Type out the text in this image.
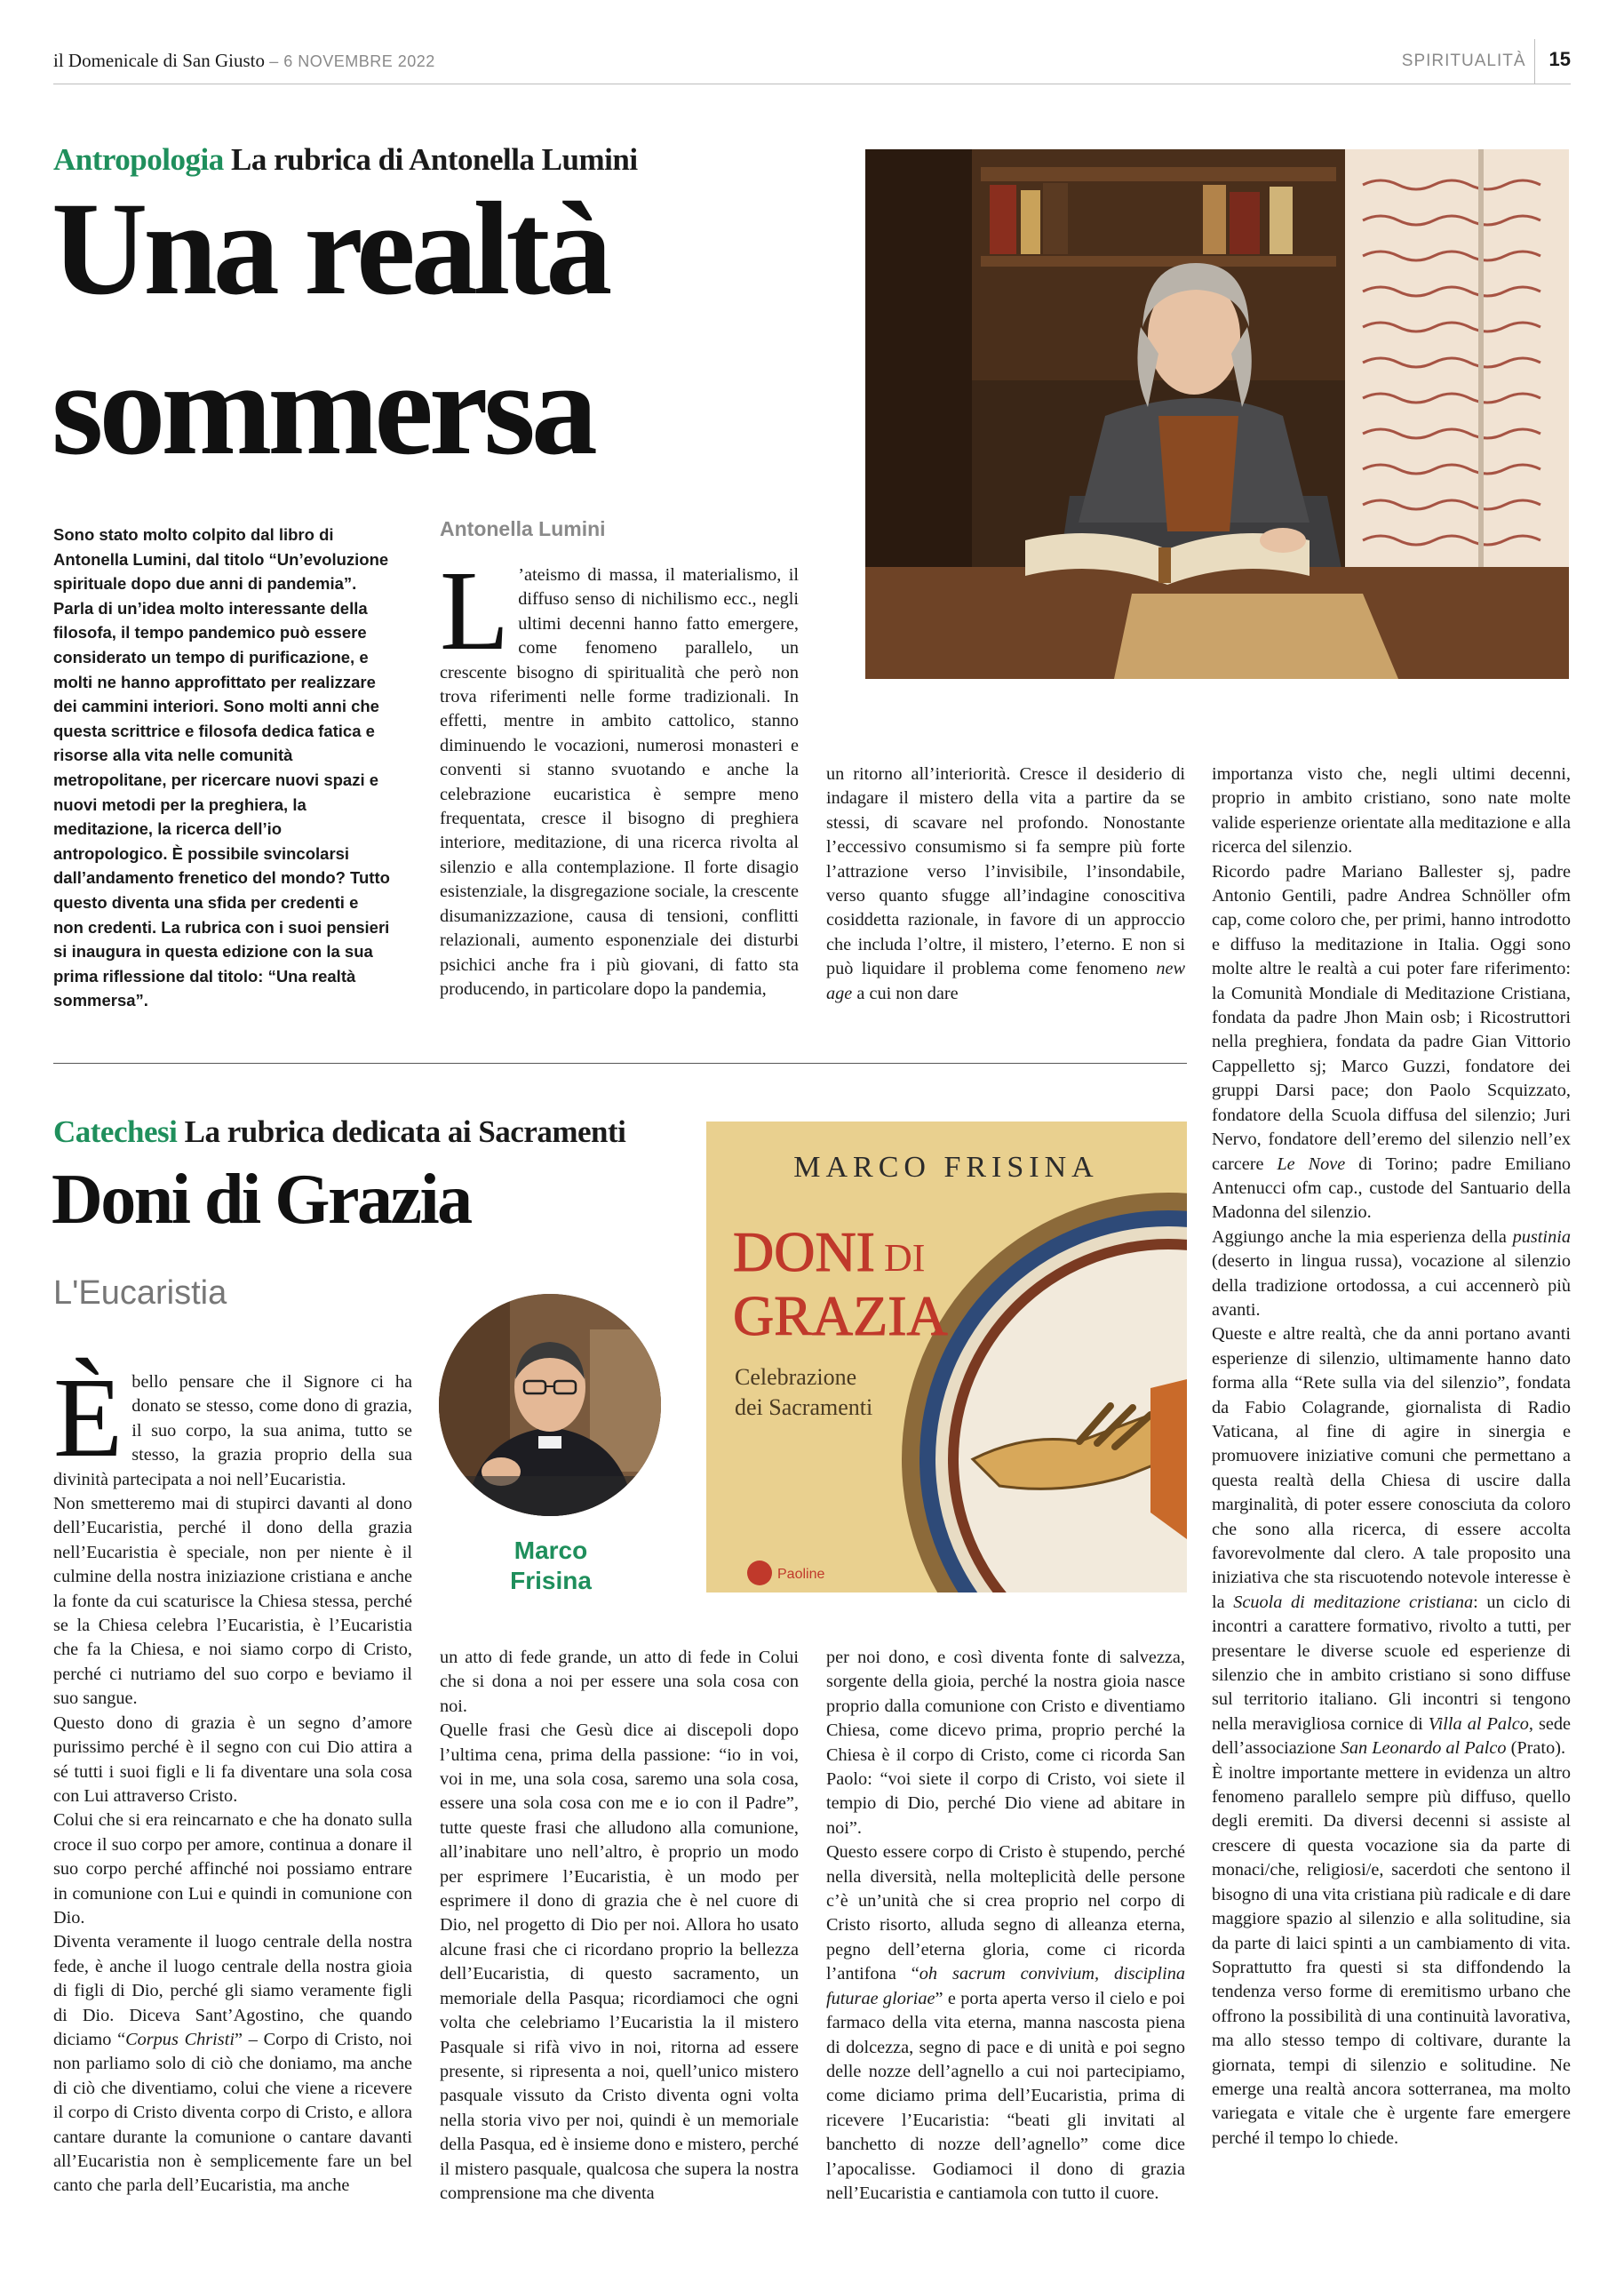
il Domenicale di San Giusto – 6 NOVEMBRE 2022	SPIRITUALITÀ 15
Antropologia La rubrica di Antonella Lumini
Una realtà
sommersa
Sono stato molto colpito dal libro di Antonella Lumini, dal titolo “Un’evoluzione spirituale dopo due anni di pandemia”. Parla di un’idea molto interessante della filosofa, il tempo pandemico può essere considerato un tempo di purificazione, e molti ne hanno approfittato per realizzare dei cammini interiori. Sono molti anni che questa scrittrice e filosofa dedica fatica e risorse alla vita nelle comunità metropolitane, per ricercare nuovi spazi e nuovi metodi per la preghiera, la meditazione, la ricerca dell’io antropologico. È possibile svincolarsi dall’andamento frenetico del mondo? Tutto questo diventa una sfida per credenti e non credenti. La rubrica con i suoi pensieri si inaugura in questa edizione con la sua prima riflessione dal titolo: “Una realtà sommersa”.
Antonella Lumini

L ’ateismo di massa, il materialismo, il diffuso senso di nichilismo ecc., negli ultimi decenni hanno fatto emergere, come fenomeno parallelo, un crescente bisogno di spiritualità che però non trova riferimenti nelle forme tradizionali. In effetti, mentre in ambito cattolico, stanno diminuendo le vocazioni, numerosi monasteri e conventi si stanno svuotando e anche la celebrazione eucaristica è sempre meno frequentata, cresce il bisogno di preghiera interiore, meditazione, di una ricerca rivolta al silenzio e alla contemplazione. Il forte disagio esistenziale, la disgregazione sociale, la crescente disumanizzazione, causa di tensioni, conflitti relazionali, aumento esponenziale dei disturbi psichici anche fra i più giovani, di fatto sta producendo, in particolare dopo la pandemia,

un ritorno all’interiorità. Cresce il desiderio di indagare il mistero della vita a partire da se stessi, di scavare nel profondo. Nonostante l’eccessivo consumismo si fa sempre più forte l’attrazione verso l’invisibile, l’insondabile, verso quanto sfugge all’indagine conoscitiva cosiddetta razionale, in favore di un approccio che includa l’oltre, il mistero, l’eterno. E non si può liquidare il problema come fenomeno new age a cui non dare

importanza visto che, negli ultimi decenni, proprio in ambito cristiano, sono nate molte valide esperienze orientate alla meditazione e alla ricerca del silenzio.

Ricordo padre Mariano Ballester sj, padre Antonio Gentili, padre Andrea Schnöller ofm cap, come coloro che, per primi, hanno introdotto e diffuso la meditazione in Italia. Oggi sono molte altre le realtà a cui poter fare riferimento: la Comunità Mondiale di Meditazione Cristiana, fondata da padre Jhon Main osb; i Ricostruttori nella preghiera, fondata da padre Gian Vittorio Cappelletto sj; Marco Guzzi, fondatore dei gruppi Darsi pace; don Paolo Scquizzato, fondatore della Scuola diffusa del silenzio; Juri Nervo, fondatore dell’eremo del silenzio nell’ex carcere Le Nove di Torino; padre Emiliano Antenucci ofm cap., custode del Santuario della Madonna del silenzio.

Aggiungo anche la mia esperienza della pustinia (deserto in lingua russa), vocazione al silenzio della tradizione ortodossa, a cui accennerò più avanti.

Queste e altre realtà, che da anni portano avanti esperienze di silenzio, ultimamente hanno dato forma alla “Rete sulla via del silenzio”, fondata da Fabio Colagrande, giornalista di Radio Vaticana, al fine di agire in sinergia e promuovere iniziative comuni che permettano a questa realtà della Chiesa di uscire dalla marginalità, di poter essere conosciuta da coloro che sono alla ricerca, di essere accolta favorevolmente dal clero. A tale proposito una iniziativa che sta riscuotendo notevole interesse è la Scuola di meditazione cristiana: un ciclo di incontri a carattere formativo, rivolto a tutti, per presentare le diverse scuole ed esperienze di silenzio che in ambito cristiano si sono diffuse sul territorio italiano. Gli incontri si tengono nella meravigliosa cornice di Villa al Palco, sede dell’associazione San Leonardo al Palco (Prato).

È inoltre importante mettere in evidenza un altro fenomeno parallelo sempre più diffuso, quello degli eremiti. Da diversi decenni si assiste al crescere di questa vocazione sia da parte di monaci/che, religiosi/e, sacerdoti che sentono il bisogno di una vita cristiana più radicale e di dare maggiore spazio al silenzio e alla solitudine, sia da parte di laici spinti a un cambiamento di vita. Soprattutto fra questi si sta diffondendo la tendenza verso forme di eremitismo urbano che offrono la possibilità di una continuità lavorativa, ma allo stesso tempo di coltivare, durante la giornata, tempi di silenzio e solitudine. Ne emerge una realtà ancora sotterranea, ma molto variegata e vitale che è urgente fare emergere perché il tempo lo chiede.

Catechesi La rubrica dedicata ai Sacramenti
Doni di Grazia
L'Eucaristia
Marco
Frisina
MARCO FRISINA
DONI DI
GRAZIA
Celebrazione
dei Sacramenti
Paoline

È bello pensare che il Signore ci ha donato se stesso, come dono di grazia, il suo corpo, la sua anima, tutto se stesso, la grazia proprio della sua divinità partecipata a noi nell’Eucaristia.

Non smetteremo mai di stupirci davanti al dono dell’Eucaristia, perché il dono della grazia nell’Eucaristia è speciale, non per niente è il culmine della nostra iniziazione cristiana e anche la fonte da cui scaturisce la Chiesa stessa, perché se la Chiesa celebra l’Eucaristia, è l’Eucaristia che fa la Chiesa, e noi siamo corpo di Cristo, perché ci nutriamo del suo corpo e beviamo il suo sangue.

Questo dono di grazia è un segno d’amore purissimo perché è il segno con cui Dio attira a sé tutti i suoi figli e li fa diventare una sola cosa con Lui attraverso Cristo.

Colui che si era reincarnato e che ha donato sulla croce il suo corpo per amore, continua a donare il suo corpo perché affinché noi possiamo entrare in comunione con Lui e quindi in comunione con Dio.

Diventa veramente il luogo centrale della nostra fede, è anche il luogo centrale della nostra gioia di figli di Dio, perché gli siamo veramente figli di Dio. Diceva Sant’Agostino, che quando diciamo “Corpus Christi” – Corpo di Cristo, noi non parliamo solo di ciò che doniamo, ma anche di ciò che diventiamo, colui che viene a ricevere il corpo di Cristo diventa corpo di Cristo, e allora cantare durante la comunione o cantare davanti all’Eucaristia non è semplicemente fare un bel canto che parla dell’Eucaristia, ma anche

un atto di fede grande, un atto di fede in Colui che si dona a noi per essere una sola cosa con noi.

Quelle frasi che Gesù dice ai discepoli dopo l’ultima cena, prima della passione: “io in voi, voi in me, una sola cosa, saremo una sola cosa, essere una sola cosa con me e io con il Padre”, tutte queste frasi che alludono alla comunione, all’inabitare uno nell’altro, è proprio un modo per esprimere l’Eucaristia, è un modo per esprimere il dono di grazia che è nel cuore di Dio, nel progetto di Dio per noi. Allora ho usato alcune frasi che ci ricordano proprio la bellezza dell’Eucaristia, di questo sacramento, un memoriale della Pasqua; ricordiamoci che ogni volta che celebriamo l’Eucaristia la il mistero Pasquale si rifà vivo in noi, ritorna ad essere presente, si ripresenta a noi, quell’unico mistero pasquale vissuto da Cristo diventa ogni volta nella storia vivo per noi, quindi è un memoriale della Pasqua, ed è insieme dono e mistero, perché il mistero pasquale, qualcosa che supera la nostra comprensione ma che diventa

per noi dono, e così diventa fonte di salvezza, sorgente della gioia, perché la nostra gioia nasce proprio dalla comunione con Cristo e diventiamo Chiesa, come dicevo prima, proprio perché la Chiesa è il corpo di Cristo, come ci ricorda San Paolo: “voi siete il corpo di Cristo, voi siete il tempio di Dio, perché Dio viene ad abitare in noi”.

Questo essere corpo di Cristo è stupendo, perché nella diversità, nella molteplicità delle persone c’è un’unità che si crea proprio nel corpo di Cristo risorto, alluda segno di alleanza eterna, pegno dell’eterna gloria, come ci ricorda l’antifona “oh sacrum convivium, disciplina futurae gloriae” e porta aperta verso il cielo e poi farmaco della vita eterna, manna nascosta piena di dolcezza, segno di pace e di unità e poi segno delle nozze dell’agnello a cui noi partecipiamo, come diciamo prima dell’Eucaristia, prima di ricevere l’Eucaristia: “beati gli invitati al banchetto di nozze dell’agnello” come dice l’apocalisse. Godiamoci il dono di grazia nell’Eucaristia e cantiamola con tutto il cuore.
